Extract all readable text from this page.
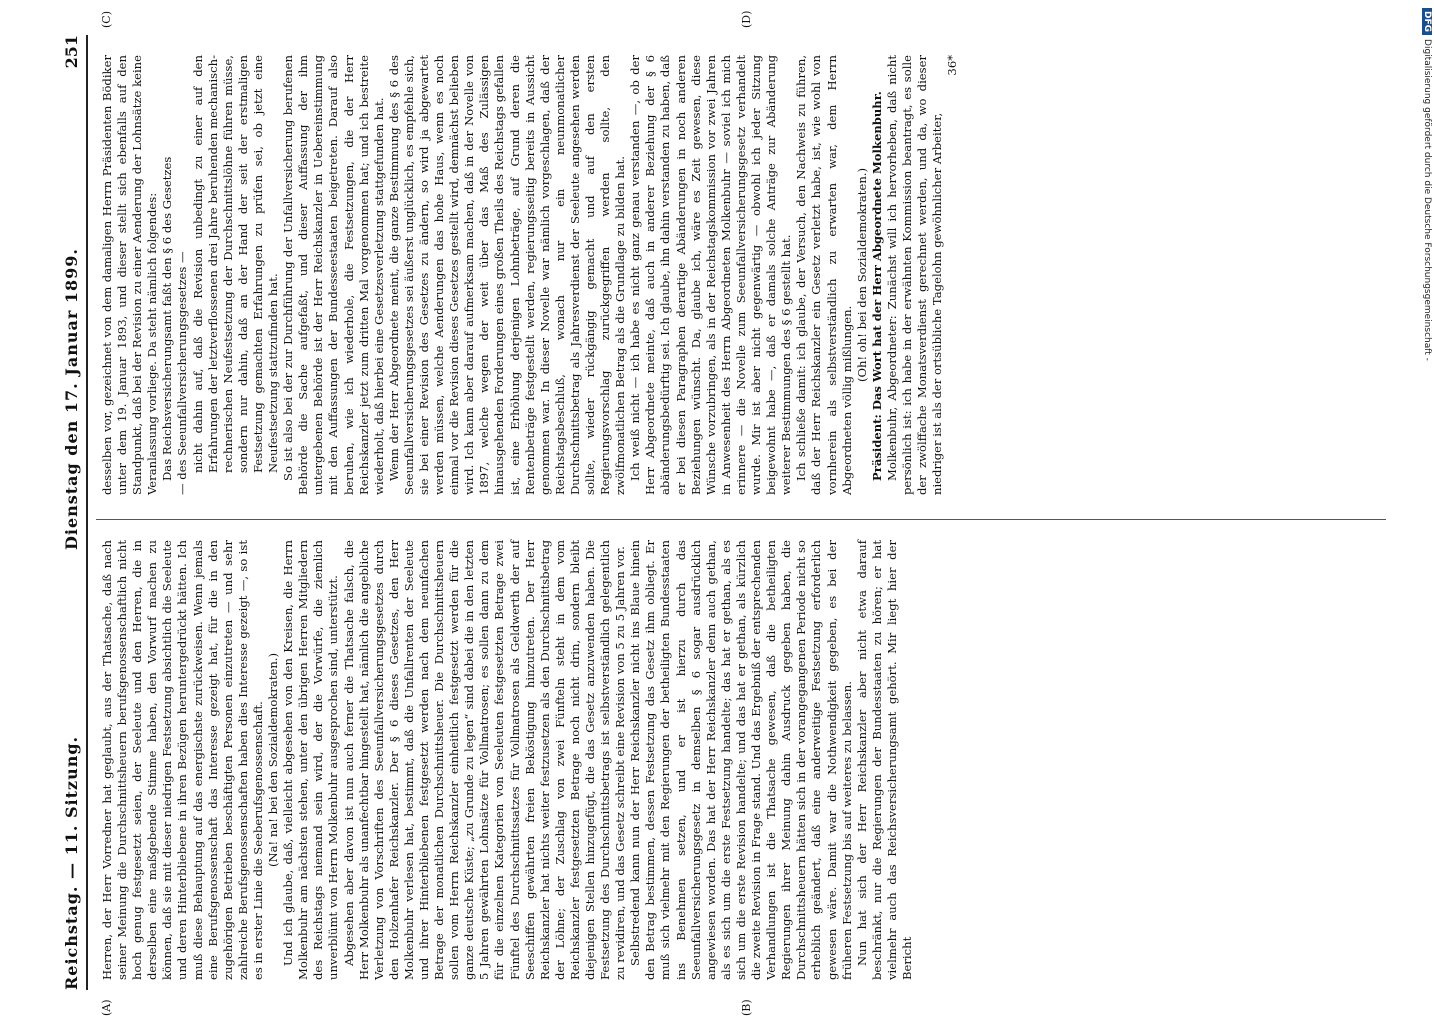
Reichstag. — 11. Sitzung.
Dienstag den 17. Januar 1899.
251
(A)	(B)
(C)	(D)

Herren, der Herr Vorredner hat geglaubt, aus der Thatsache, daß nach seiner Meinung die Durchschnittsheuern berufsgenossenschaftlich nicht hoch genug festgesetzt seien, der Seeleute und den Herren, die in derselben eine maßgebende Stimme haben, den Vorwurf machen zu können, daß sie mit dieser niedrigen Festsetzung absichtlich die Seeleute und deren Hinterbliebene in ihren Bezügen heruntergedrückt hätten. Ich muß diese Behauptung auf das energischste zurückweisen. Wenn jemals eine Berufsgenossenschaft das Interesse gezeigt hat, für die in den zugehörigen Betrieben beschäftigten Personen einzutreten — und sehr zahlreiche Berufsgenossenschaften haben dies Interesse gezeigt —, so ist es in erster Linie die Seeberufsgenossenschaft. (Na! na! bei den Sozialdemokraten.) Und ich glaube, daß, vielleicht abgesehen von den Kreisen, die Herrn Molkenbuhr am nächsten stehen, unter den übrigen Herren Mitgliedern des Reichstags niemand sein wird, der die Vorwürfe, die ziemlich unverblümt von Herrn Molkenbuhr ausgesprochen sind, unterstützt. Abgesehen aber davon ist nun auch ferner die Thatsache falsch, die Herr Molkenbuhr als unanfechtbar hingestellt hat, nämlich die angebliche Verletzung von Vorschriften des Seeunfallversicherungsgesetzes durch den Holzenhafer Reichskanzler. Der § 6 dieses Gesetzes, den Herr Molkenbuhr verlesen hat, bestimmt, daß die Unfallrenten der Seeleute und ihrer Hinterbliebenen festgesetzt werden nach dem neunfachen Betrage der monatlichen Durchschnittsheuer. Die Durchschnittsheuern sollen vom Herrn Reichskanzler einheitlich festgesetzt werden für die ganze deutsche Küste; „zu Grunde zu legen“ sind dabei die in den letzten 5 Jahren gewährten Lohnsätze für Vollmatrosen; es sollen dann zu dem für die einzelnen Kategorien von Seeleuten festgesetzten Betrage zwei Fünftel des Durchschnittssatzes für Vollmatrosen als Geldwerth der auf Seeschiffen gewährten freien Beköstigung hinzutreten. Der Herr Reichskanzler hat nichts weiter festzusetzen als den Durchschnittsbetrag der Löhne; der Zuschlag von zwei Fünfteln steht in dem vom Reichskanzler festgesetzten Betrage noch nicht drin, sondern bleibt diejenigen Stellen hinzugefügt, die das Gesetz anzuwenden haben. Die Festsetzung des Durchschnittsbetrags ist selbstverständlich gelegentlich zu revidiren, und das Gesetz schreibt eine Revision von 5 zu 5 Jahren vor. Selbstredend kann nun der Herr Reichskanzler nicht ins Blaue hinein den Betrag bestimmen, dessen Festsetzung das Gesetz ihm obliegt. Er muß sich vielmehr mit den Regierungen der betheiligten Bundesstaaten ins Benehmen setzen, und er ist hierzu durch das Seeunfallversicherungsgesetz in demselben § 6 sogar ausdrücklich angewiesen worden. Das hat der Herr Reichskanzler denn auch gethan, als es sich um die erste Festsetzung handelte; das hat er gethan, als es sich um die erste Revision handelte; und das hat er gethan, als kürzlich die zweite Revision in Frage stand. Und das Ergebniß der entsprechenden Verhandlungen ist die Thatsache gewesen, daß die betheiligten Regierungen ihrer Meinung dahin Ausdruck gegeben haben, die Durchschnittsheuern hätten sich in der vorangegangenen Periode nicht so erheblich geändert, daß eine anderweitige Festsetzung erforderlich gewesen wäre. Damit war die Nothwendigkeit gegeben, es bei der früheren Festsetzung bis auf weiteres zu belassen. Nun hat sich der Herr Reichskanzler aber nicht etwa darauf beschränkt, nur die Regierungen der Bundesstaaten zu hören; er hat vielmehr auch das Reichsversicherungsamt gehört. Mir liegt hier der Bericht

desselben vor, gezeichnet von dem damaligen Herrn Präsidenten Bödiker unter dem 19. Januar 1893, und dieser stellt sich ebenfalls auf den Standpunkt, daß bei der Revision zu einer Aenderung der Lohnsätze keine Veranlassung vorliege. Da steht nämlich folgendes: Das Reichsversicherungsamt faßt den § 6 des Gesetzes — des Seeunfallversicherungsgesetzes — nicht dahin auf, daß die Revision unbedingt zu einer auf den Erfahrungen der letztverflossenen drei Jahre beruhenden mechanisch-rechnerischen Neufestsetzung der Durchschnittslöhne führen müsse, sondern nur dahin, daß an der Hand der seit der erstmaligen Festsetzung gemachten Erfahrungen zu prüfen sei, ob jetzt eine Neufestsetzung stattzufinden hat. So ist also bei der zur Durchführung der Unfallversicherung berufenen Behörde die Sache aufgefaßt, und dieser Auffassung der ihm untergebenen Behörde ist der Herr Reichskanzler in Uebereinstimmung mit den Auffassungen der Bundesseestaaten beigetreten. Darauf also beruhen, wie ich wiederhole, die Festsetzungen, die der Herr Reichskanzler jetzt zum dritten Mal vorgenommen hat; und ich bestreite wiederholt, daß hierbei eine Gesetzesverletzung stattgefunden hat. Wenn der Herr Abgeordnete meint, die ganze Bestimmung des § 6 des Seeunfallversicherungsgesetzes sei äußerst unglücklich, es empfehle sich, sie bei einer Revision des Gesetzes zu ändern, so wird ja abgewartet werden müssen, welche Aenderungen das hohe Haus, wenn es noch einmal vor die Revision dieses Gesetzes gestellt wird, demnächst belieben wird. Ich kann aber darauf aufmerksam machen, daß in der Novelle von 1897, welche wegen der weit über das Maß des Zulässigen hinausgehenden Forderungen eines großen Theils des Reichstags gefallen ist, eine Erhöhung derjenigen Lohnbeträge, auf Grund deren die Rentenbeträge festgestellt werden, regierungsseitig bereits in Aussicht genommen war. In dieser Novelle war nämlich vorgeschlagen, daß der Reichstagsbeschluß, wonach nur ein neunmonatlicher Durchschnittsbetrag als Jahresverdienst der Seeleute angesehen werden sollte, wieder rückgängig gemacht und auf den ersten Regierungsvorschlag zurückgegriffen werden sollte, den zwölfmonatlichen Betrag als die Grundlage zu bilden hat. Ich weiß nicht — ich habe es nicht ganz genau verstanden —, ob der Herr Abgeordnete meinte, daß auch in anderer Beziehung der § 6 abänderungsbedürftig sei. Ich glaube, ihn dahin verstanden zu haben, daß er bei diesen Paragraphen derartige Abänderungen in noch anderen Beziehungen wünscht. Da, glaube ich, wäre es Zeit gewesen, diese Wünsche vorzubringen, als in der Reichstagskommission vor zwei Jahren in Anwesenheit des Herrn Abgeordneten Molkenbuhr — soviel ich mich erinnere — die Novelle zum Seeunfallversicherungsgesetz verhandelt wurde. Mir ist aber nicht gegenwärtig — obwohl ich jeder Sitzung beigewohnt habe —, daß er damals solche Anträge zur Abänderung weiterer Bestimmungen des § 6 gestellt hat. Ich schließe damit: ich glaube, der Versuch, den Nachweis zu führen, daß der Herr Reichskanzler ein Gesetz verletzt habe, ist, wie wohl von vornherein als selbstverständlich zu erwarten war, dem Herrn Abgeordneten völlig mißlungen.

(Oh! oh! bei den Sozialdemokraten.) Präsident: Das Wort hat der Herr Abgeordnete Molkenbuhr. Molkenbuhr, Abgeordneter: Zunächst will ich hervorheben, daß nicht persönlich ist: ich habe in der erwähnten Kommission beantragt, es solle der zwölffache Monatsverdienst gerechnet werden, und da, wo dieser niedriger ist als der ortsübliche Tagelohn gewöhnlicher Arbeiter,

36*

DFGDigitalisierung gefördert durch die Deutsche Forschungsgemeinschaft -
